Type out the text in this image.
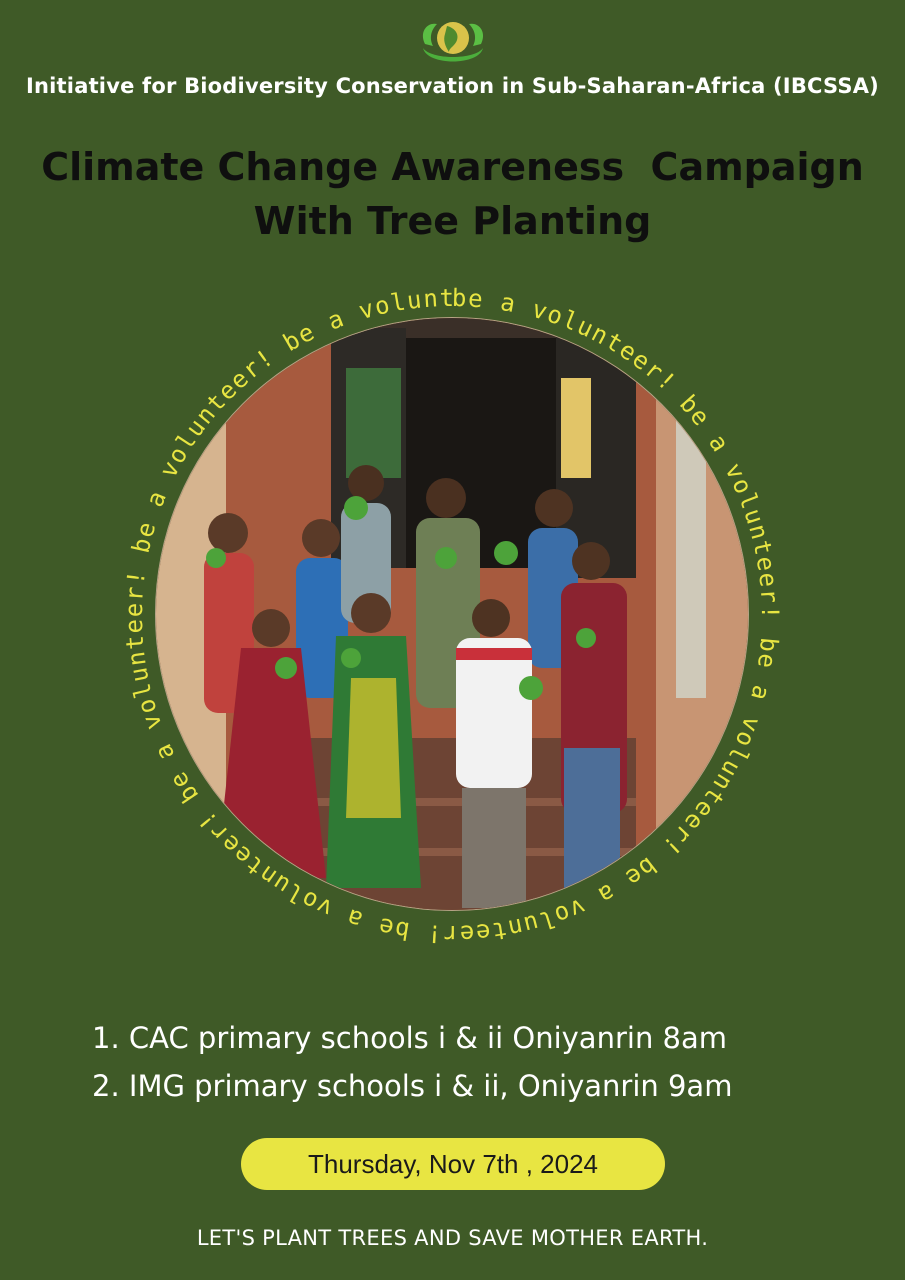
Initiative for Biodiversity Conservation in Sub-Saharan-Africa (IBCSSA)
Climate Change Awareness  Campaign
With Tree Planting
be a volunteer! be a volunteer! be a volunteer! be a volunteer! be a volunteer! be a volunteer! be a volunteer! be a volunt
1. CAC primary schools i & ii Oniyanrin 8am
2. IMG primary schools i & ii, Oniyanrin 9am
Thursday, Nov 7th , 2024
LET'S PLANT TREES AND SAVE MOTHER EARTH.
